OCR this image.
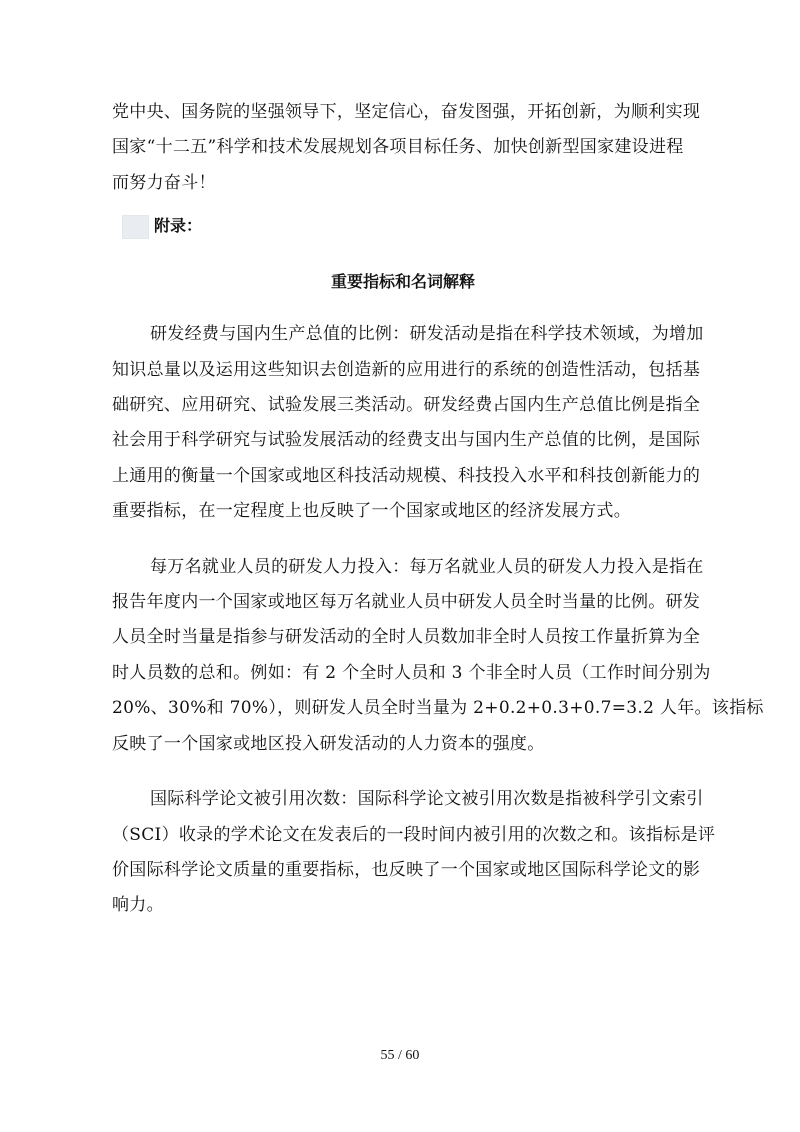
党中央、国务院的坚强领导下，坚定信心，奋发图强，开拓创新，为顺利实现
国家“十二五”科学和技术发展规划各项目标任务、加快创新型国家建设进程
而努力奋斗！
附录：
重要指标和名词解释
研发经费与国内生产总值的比例：研发活动是指在科学技术领域，为增加
知识总量以及运用这些知识去创造新的应用进行的系统的创造性活动，包括基
础研究、应用研究、试验发展三类活动。研发经费占国内生产总值比例是指全
社会用于科学研究与试验发展活动的经费支出与国内生产总值的比例，是国际
上通用的衡量一个国家或地区科技活动规模、科技投入水平和科技创新能力的
重要指标，在一定程度上也反映了一个国家或地区的经济发展方式。
每万名就业人员的研发人力投入：每万名就业人员的研发人力投入是指在
报告年度内一个国家或地区每万名就业人员中研发人员全时当量的比例。研发
人员全时当量是指参与研发活动的全时人员数加非全时人员按工作量折算为全
时人员数的总和。例如：有 2 个全时人员和 3 个非全时人员（工作时间分别为
20%、30%和 70%），则研发人员全时当量为 2+0.2+0.3+0.7=3.2 人年。该指标
反映了一个国家或地区投入研发活动的人力资本的强度。
国际科学论文被引用次数：国际科学论文被引用次数是指被科学引文索引
（SCI）收录的学术论文在发表后的一段时间内被引用的次数之和。该指标是评
价国际科学论文质量的重要指标，也反映了一个国家或地区国际科学论文的影
响力。
55 / 60
